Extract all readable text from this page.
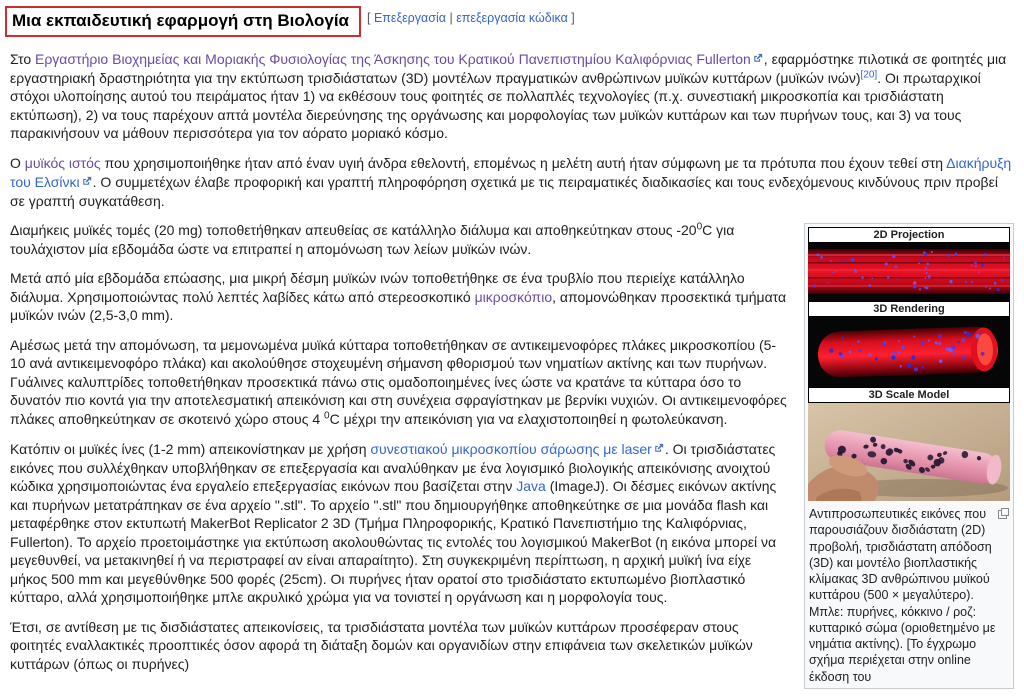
Μια εκπαιδευτική εφαρμογή στη Βιολογία [ Επεξεργασία | επεξεργασία κώδικα ]

Στο Εργαστήριο Βιοχημείας και Μοριακής Φυσιολογίας της Άσκησης του Κρατικού Πανεπιστημίου Καλιφόρνιας Fullerton , εφαρμόστηκε πιλοτικά σε φοιτητές μια εργαστηριακή δραστηριότητα για την εκτύπωση τρισδιάστατων (3D) μοντέλων πραγματικών ανθρώπινων μυϊκών κυττάρων (μυϊκών ινών)[20]. Οι πρωταρχικοί στόχοι υλοποίησης αυτού του πειράματος ήταν 1) να εκθέσουν τους φοιτητές σε πολλαπλές τεχνολογίες (π.χ. συνεστιακή μικροσκοπία και τρισδιάστατη εκτύπωση), 2) να τους παρέχουν απτά μοντέλα διερεύνησης της οργάνωσης και μορφολογίας των μυϊκών κυττάρων και των πυρήνων τους, και 3) να τους παρακινήσουν να μάθουν περισσότερα για τον αόρατο μοριακό κόσμο.

Ο μυϊκός ιστός που χρησιμοποιήθηκε ήταν από έναν υγιή άνδρα εθελοντή, επομένως η μελέτη αυτή ήταν σύμφωνη με τα πρότυπα που έχουν τεθεί στη Διακήρυξη του Ελσίνκι . Ο συμμετέχων έλαβε προφορική και γραπτή πληροφόρηση σχετικά με τις πειραματικές διαδικασίες και τους ενδεχόμενους κινδύνους πριν προβεί σε γραπτή συγκατάθεση.

2D Projection
3D Rendering
3D Scale Model
Αντιπροσωπευτικές εικόνες που παρουσιάζουν δισδιάστατη (2D) προβολή, τρισδιάστατη απόδοση (3D) και μοντέλο βιοπλαστικής κλίμακας 3D ανθρώπινου μυϊκού κυττάρου (500 × μεγαλύτερο). Μπλε: πυρήνες, κόκκινο / ροζ: κυτταρικό σώμα (οριοθετημένο με νημάτια ακτίνης). [Το έγχρωμο σχήμα περιέχεται στην online έκδοση του

Διαμήκεις μυϊκές τομές (20 mg) τοποθετήθηκαν απευθείας σε κατάλληλο διάλυμα και αποθηκεύτηκαν στους $-20^0C$ για τουλάχιστον μία εβδομάδα ώστε να επιτραπεί η απομόνωση των λείων μυϊκών ινών.

Μετά από μία εβδομάδα επώασης, μια μικρή δέσμη μυϊκών ινών τοποθετήθηκε σε ένα τρυβλίο που περιείχε κατάλληλο διάλυμα. Χρησιμοποιώντας πολύ λεπτές λαβίδες κάτω από στερεοσκοπικό μικροσκόπιο, απομονώθηκαν προσεκτικά τμήματα μυϊκών ινών (2,5-3,0 mm).

Αμέσως μετά την απομόνωση, τα μεμονωμένα μυϊκά κύτταρα τοποθετήθηκαν σε αντικειμενοφόρες πλάκες μικροσκοπίου (5-10 ανά αντικειμενοφόρο πλάκα) και ακολούθησε στοχευμένη σήμανση φθορισμού των νηματίων ακτίνης και των πυρήνων. Γυάλινες καλυπτρίδες τοποθετήθηκαν προσεκτικά πάνω στις ομαδοποιημένες ίνες ώστε να κρατάνε τα κύτταρα όσο το δυνατόν πιο κοντά για την αποτελεσματική απεικόνιση και στη συνέχεια σφραγίστηκαν με βερνίκι νυχιών. Οι αντικειμενοφόρες πλάκες αποθηκεύτηκαν σε σκοτεινό χώρο στους 4 $^0$C μέχρι την απεικόνιση για να ελαχιστοποιηθεί η φωτολεύκανση.

Κατόπιν οι μυϊκές ίνες (1-2 mm) απεικονίστηκαν με χρήση συνεστιακού μικροσκοπίου σάρωσης με laser . Οι τρισδιάστατες εικόνες που συλλέχθηκαν υποβλήθηκαν σε επεξεργασία και αναλύθηκαν με ένα λογισμικό βιολογικής απεικόνισης ανοιχτού κώδικα χρησιμοποιώντας ένα εργαλείο επεξεργασίας εικόνων που βασίζεται στην Java (ImageJ). Οι δέσμες εικόνων ακτίνης και πυρήνων μετατράπηκαν σε ένα αρχείο ".stl". Το αρχείο ".stl" που δημιουργήθηκε αποθηκεύτηκε σε μια μονάδα flash και μεταφέρθηκε στον εκτυπωτή MakerBot Replicator 2 3D (Τμήμα Πληροφορικής, Κρατικό Πανεπιστήμιο της Καλιφόρνιας, Fullerton). Το αρχείο προετοιμάστηκε για εκτύπωση ακολουθώντας τις εντολές του λογισμικού MakerBot (η εικόνα μπορεί να μεγεθυνθεί, να μετακινηθεί ή να περιστραφεί αν είναι απαραίτητο). Στη συγκεκριμένη περίπτωση, η αρχική μυϊκή ίνα είχε μήκος 500 mm και μεγεθύνθηκε 500 φορές (25cm). Οι πυρήνες ήταν ορατοί στο τρισδιάστατο εκτυπωμένο βιοπλαστικό κύτταρο, αλλά χρησιμοποιήθηκε μπλε ακρυλικό χρώμα για να τονιστεί η οργάνωση και η μορφολογία τους.

Έτσι, σε αντίθεση με τις δισδιάστατες απεικονίσεις, τα τρισδιάστατα μοντέλα των μυϊκών κυττάρων προσέφεραν στους φοιτητές εναλλακτικές προοπτικές όσον αφορά τη διάταξη δομών και οργανιδίων στην επιφάνεια των σκελετικών μυϊκών κυττάρων (όπως οι πυρήνες)
